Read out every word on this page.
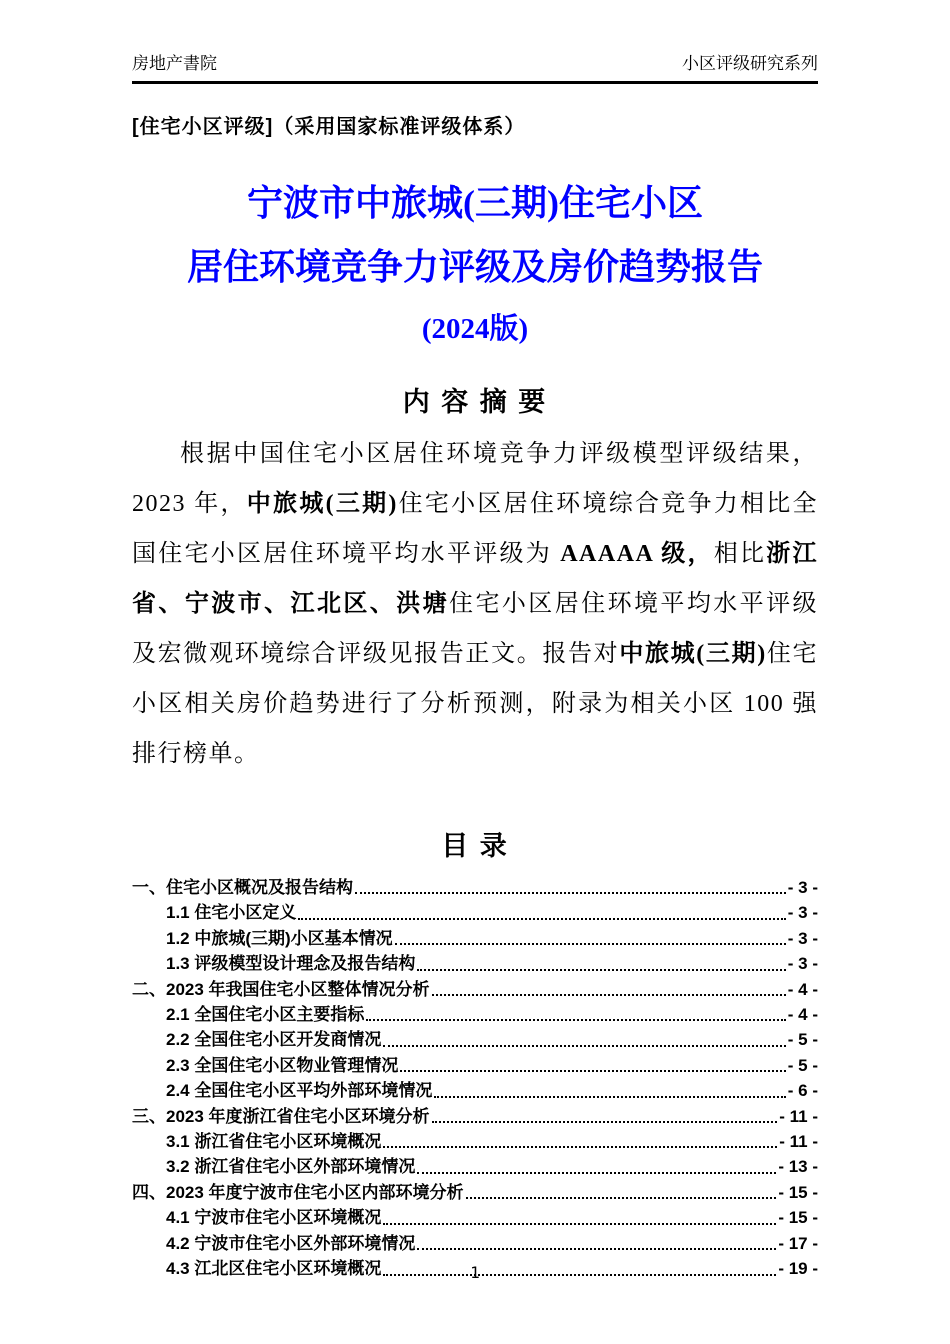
房地产書院	小区评级研究系列
[住宅小区评级]（采用国家标准评级体系）
宁波市中旅城(三期)住宅小区
居住环境竞争力评级及房价趋势报告
(2024版)
内 容 摘 要

根据中国住宅小区居住环境竞争力评级模型评级结果，2023 年，中旅城(三期)住宅小区居住环境综合竞争力相比全国住宅小区居住环境平均水平评级为 AAAAA 级，相比浙江省、宁波市、江北区、洪塘住宅小区居住环境平均水平评级及宏微观环境综合评级见报告正文。报告对中旅城(三期)住宅小区相关房价趋势进行了分析预测，附录为相关小区 100 强排行榜单。

目 录
一、住宅小区概况及报告结构	- 3 -
1.1 住宅小区定义	- 3 -
1.2 中旅城(三期)小区基本情况	- 3 -
1.3 评级模型设计理念及报告结构	- 3 -
二、2023 年我国住宅小区整体情况分析	- 4 -
2.1 全国住宅小区主要指标	- 4 -
2.2 全国住宅小区开发商情况	- 5 -
2.3 全国住宅小区物业管理情况	- 5 -
2.4 全国住宅小区平均外部环境情况	- 6 -
三、2023 年度浙江省住宅小区环境分析	- 11 -
3.1 浙江省住宅小区环境概况	- 11 -
3.2 浙江省住宅小区外部环境情况	- 13 -
四、2023 年度宁波市住宅小区内部环境分析	- 15 -
4.1 宁波市住宅小区环境概况	- 15 -
4.2 宁波市住宅小区外部环境情况	- 17 -
4.3 江北区住宅小区环境概况	- 19 -
1
